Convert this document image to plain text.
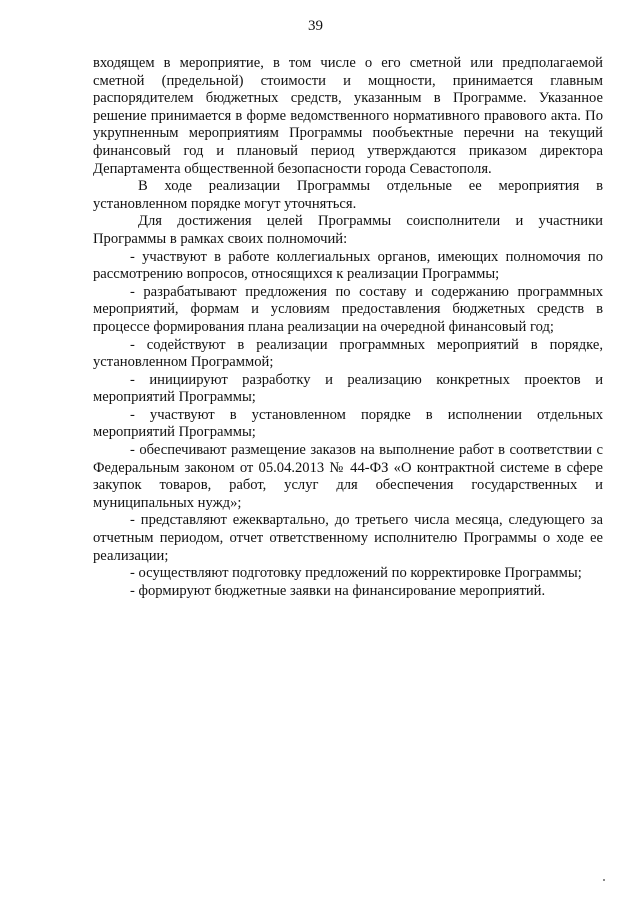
39

входящем в мероприятие, в том числе о его сметной или предполагаемой сметной (предельной) стоимости и мощности, принимается главным распорядителем бюджетных средств, указанным в Программе. Указанное решение принимается в форме ведомственного нормативного правового акта. По укрупненным мероприятиям Программы пообъектные перечни на текущий финансовый год и плановый период утверждаются приказом директора Департамента общественной безопасности города Севастополя.

В ходе реализации Программы отдельные ее мероприятия в установленном порядке могут уточняться.

Для достижения целей Программы соисполнители и участники Программы в рамках своих полномочий:

- участвуют в работе коллегиальных органов, имеющих полномочия по рассмотрению вопросов, относящихся к реализации Программы;

- разрабатывают предложения по составу и содержанию программных мероприятий, формам и условиям предоставления бюджетных средств в процессе формирования плана реализации на очередной финансовый год;

- содействуют в реализации программных мероприятий в порядке, установленном Программой;

- инициируют разработку и реализацию конкретных проектов и мероприятий Программы;

- участвуют в установленном порядке в исполнении отдельных мероприятий Программы;

- обеспечивают размещение заказов на выполнение работ в соответствии с Федеральным законом от 05.04.2013 № 44-ФЗ «О контрактной системе в сфере закупок товаров, работ, услуг для обеспечения государственных и муниципальных нужд»;

- представляют ежеквартально, до третьего числа месяца, следующего за отчетным периодом, отчет ответственному исполнителю Программы о ходе ее реализации;

- осуществляют подготовку предложений по корректировке Программы;

- формируют бюджетные заявки на финансирование мероприятий.
